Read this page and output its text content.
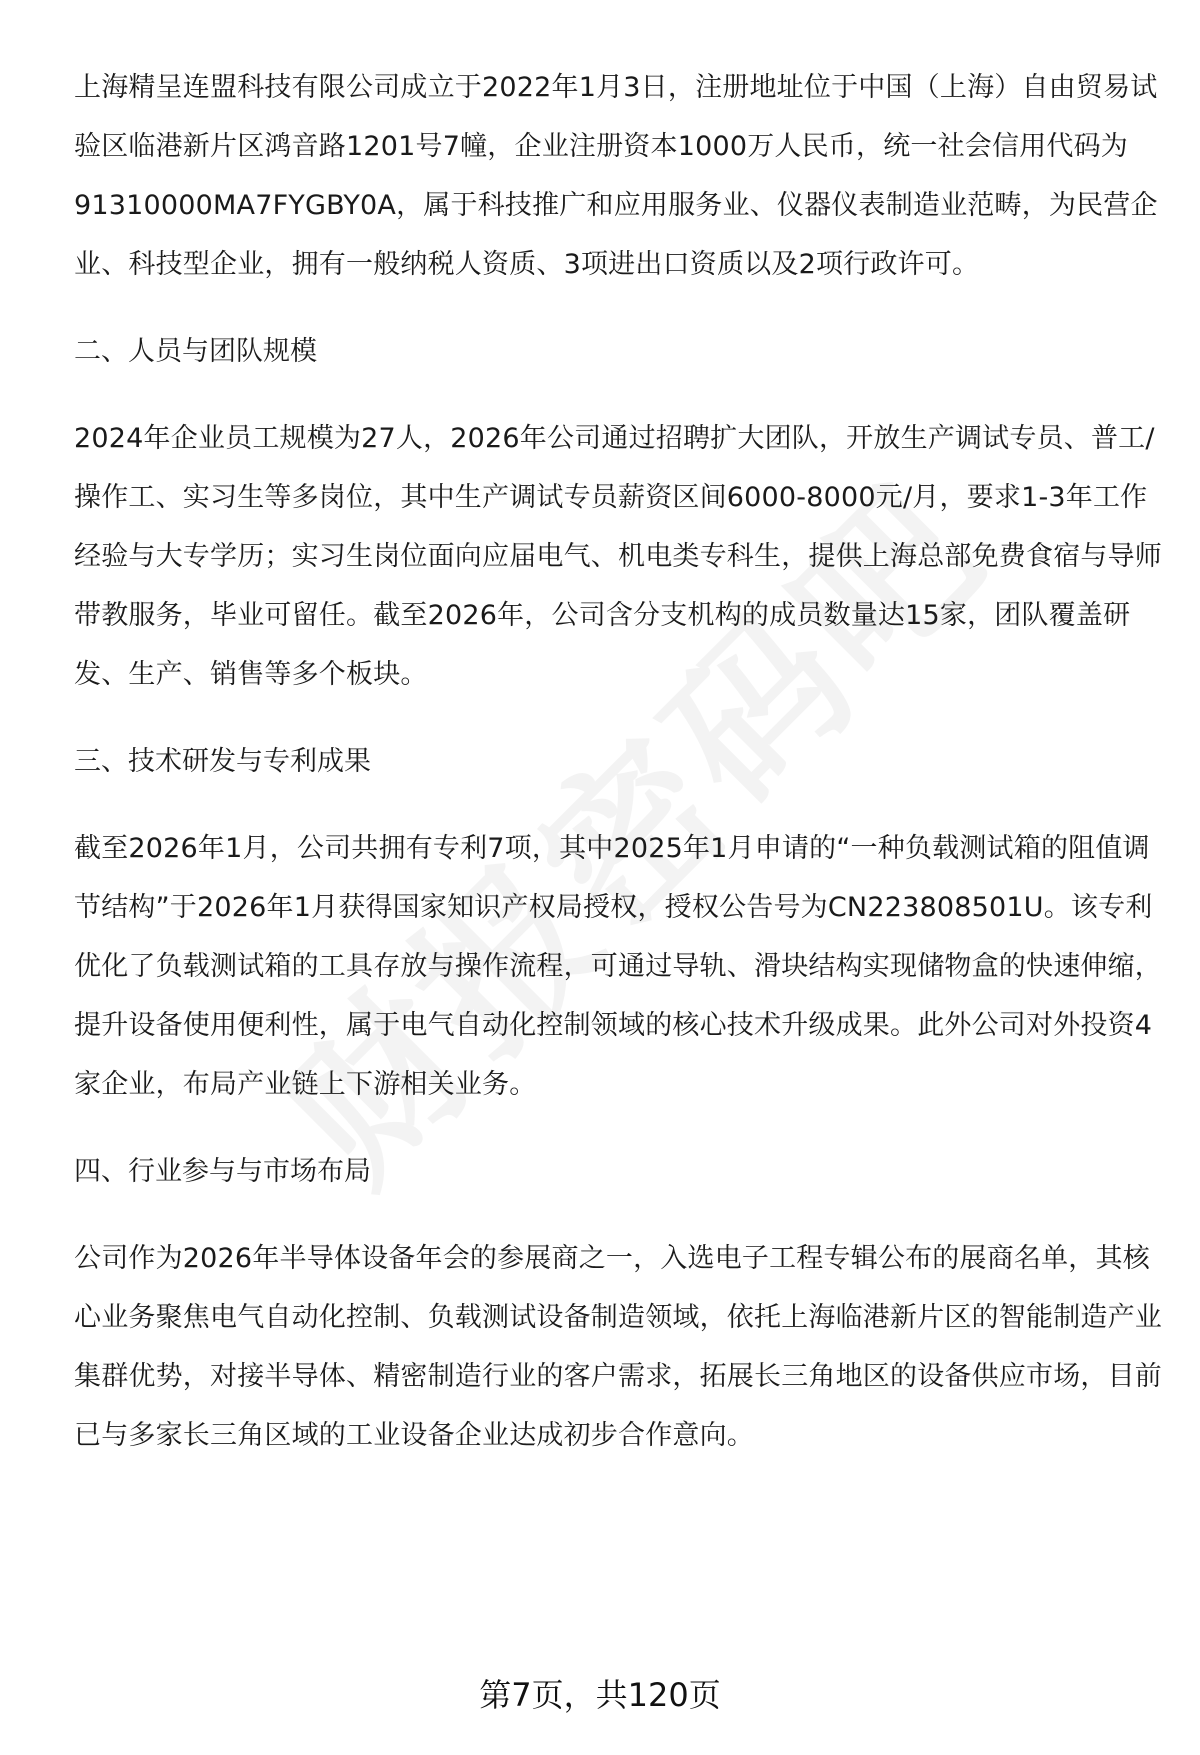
上海精呈连盟科技有限公司成立于2022年1月3日，注册地址位于中国（上海）自由贸易试验区临港新片区鸿音路1201号7幢，企业注册资本1000万人民币，统一社会信用代码为91310000MA7FYGBY0A，属于科技推广和应用服务业、仪器仪表制造业范畴，为民营企业、科技型企业，拥有一般纳税人资质、3项进出口资质以及2项行政许可。

二、人员与团队规模

2024年企业员工规模为27人，2026年公司通过招聘扩大团队，开放生产调试专员、普工/操作工、实习生等多岗位，其中生产调试专员薪资区间6000-8000元/月，要求1-3年工作经验与大专学历；实习生岗位面向应届电气、机电类专科生，提供上海总部免费食宿与导师带教服务，毕业可留任。截至2026年，公司含分支机构的成员数量达15家，团队覆盖研发、生产、销售等多个板块。

三、技术研发与专利成果

截至2026年1月，公司共拥有专利7项，其中2025年1月申请的“一种负载测试箱的阻值调节结构”于2026年1月获得国家知识产权局授权，授权公告号为CN223808501U。该专利优化了负载测试箱的工具存放与操作流程，可通过导轨、滑块结构实现储物盒的快速伸缩，提升设备使用便利性，属于电气自动化控制领域的核心技术升级成果。此外公司对外投资4家企业，布局产业链上下游相关业务。

四、行业参与与市场布局

公司作为2026年半导体设备年会的参展商之一，入选电子工程专辑公布的展商名单，其核心业务聚焦电气自动化控制、负载测试设备制造领域，依托上海临港新片区的智能制造产业集群优势，对接半导体、精密制造行业的客户需求，拓展长三角地区的设备供应市场，目前已与多家长三角区域的工业设备企业达成初步合作意向。

第7页，共120页
